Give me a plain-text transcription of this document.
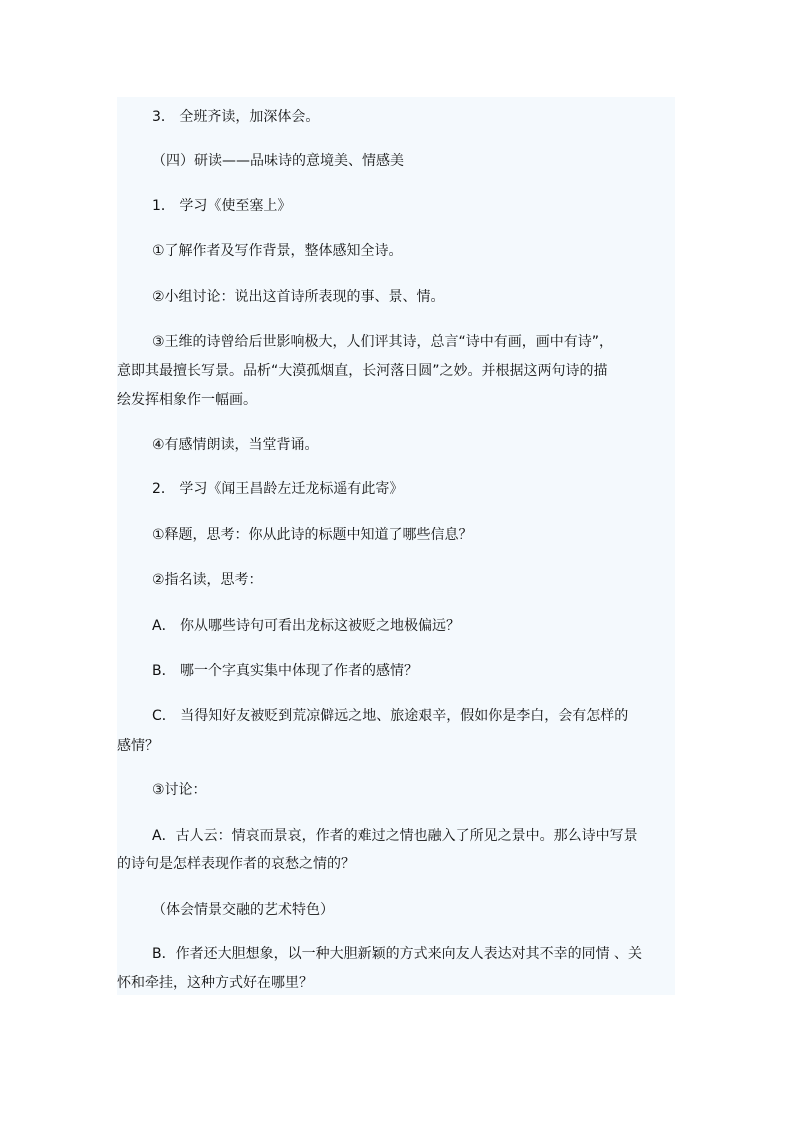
3． 全班齐读，加深体会。
（四）研读——品味诗的意境美、情感美
1． 学习《使至塞上》
①了解作者及写作背景，整体感知全诗。
②小组讨论：说出这首诗所表现的事、景、情。
③王维的诗曾给后世影响极大，人们评其诗，总言“诗中有画，画中有诗”，
意即其最擅长写景。品析“大漠孤烟直，长河落日圆”之妙。并根据这两句诗的描
绘发挥相象作一幅画。
④有感情朗读，当堂背诵。
2． 学习《闻王昌龄左迁龙标遥有此寄》
①释题，思考：你从此诗的标题中知道了哪些信息？
②指名读，思考：
A． 你从哪些诗句可看出龙标这被贬之地极偏远？
B． 哪一个字真实集中体现了作者的感情？
C． 当得知好友被贬到荒凉僻远之地、旅途艰辛，假如你是李白，会有怎样的
感情？
③讨论：
A．古人云：情哀而景哀，作者的难过之情也融入了所见之景中。那么诗中写景
的诗句是怎样表现作者的哀愁之情的？
（体会情景交融的艺术特色）
B．作者还大胆想象，以一种大胆新颖的方式来向友人表达对其不幸的同情 、关
怀和牵挂，这种方式好在哪里？
